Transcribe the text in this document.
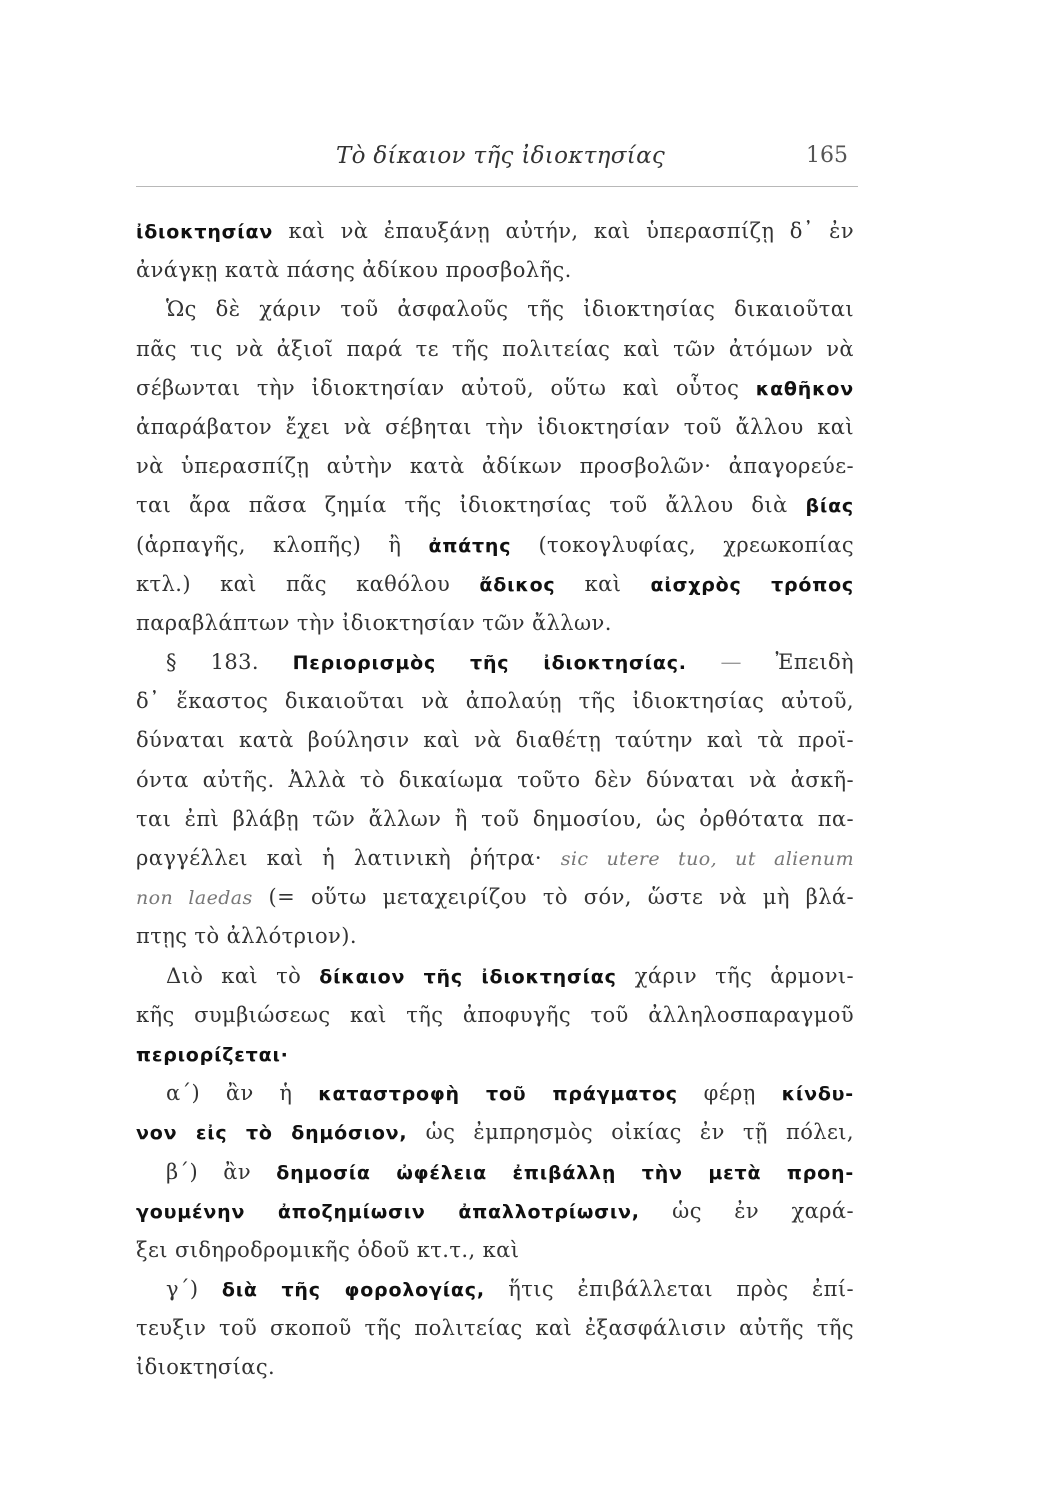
Τὸ δίκαιον τῆς ἰδιοκτησίας	165
ἰδιοκτησίαν καὶ νὰ ἐπαυξάνῃ αὐτήν, καὶ ὑπερασπίζῃ δ᾽ ἐν
ἀνάγκῃ κατὰ πάσης ἀδίκου προσβολῆς.
Ὡς δὲ χάριν τοῦ ἀσφαλοῦς τῆς ἰδιοκτησίας δικαιοῦται
πᾶς τις νὰ ἀξιοῖ παρά τε τῆς πολιτείας καὶ τῶν ἀτόμων νὰ
σέβωνται τὴν ἰδιοκτησίαν αὐτοῦ, οὕτω καὶ οὗτος καθῆκον
ἀπαράβατον ἔχει νὰ σέβηται τὴν ἰδιοκτησίαν τοῦ ἄλλου καὶ
νὰ ὑπερασπίζῃ αὐτὴν κατὰ ἀδίκων προσβολῶν· ἀπαγορεύε-
ται ἄρα πᾶσα ζημία τῆς ἰδιοκτησίας τοῦ ἄλλου διὰ βίας
(ἁρπαγῆς, κλοπῆς) ἢ ἀπάτης (τοκογλυφίας, χρεωκοπίας
κτλ.) καὶ πᾶς καθόλου ἄδικος καὶ αἰσχρὸς τρόπος
παραβλάπτων τὴν ἰδιοκτησίαν τῶν ἄλλων.
§ 183. Περιορισμὸς τῆς ἰδιοκτησίας. — Ἐπειδὴ
δ᾽ ἕκαστος δικαιοῦται νὰ ἀπολαύῃ τῆς ἰδιοκτησίας αὐτοῦ,
δύναται κατὰ βούλησιν καὶ νὰ διαθέτῃ ταύτην καὶ τὰ προϊ-
όντα αὐτῆς. Ἀλλὰ τὸ δικαίωμα τοῦτο δὲν δύναται νὰ ἀσκῆ-
ται ἐπὶ βλάβῃ τῶν ἄλλων ἢ τοῦ δημοσίου, ὡς ὀρθότατα πα-
ραγγέλλει καὶ ἡ λατινικὴ ῥήτρα· sic utere tuo, ut alienum
non laedas (= οὕτω μεταχειρίζου τὸ σόν, ὥστε νὰ μὴ βλά-
πτῃς τὸ ἀλλότριον).
Διὸ καὶ τὸ δίκαιον τῆς ἰδιοκτησίας χάριν τῆς ἁρμονι-
κῆς συμβιώσεως καὶ τῆς ἀποφυγῆς τοῦ ἀλληλοσπαραγμοῦ
περιορίζεται·
α΄) ἂν ἡ καταστροφὴ τοῦ πράγματος φέρῃ κίνδυ-
νον εἰς τὸ δημόσιον, ὡς ἐμπρησμὸς οἰκίας ἐν τῇ πόλει,
β΄) ἂν δημοσία ὠφέλεια ἐπιβάλλῃ τὴν μετὰ προη-
γουμένην ἀποζημίωσιν ἀπαλλοτρίωσιν, ὡς ἐν χαρά-
ξει σιδηροδρομικῆς ὁδοῦ κτ.τ., καὶ
γ΄) διὰ τῆς φορολογίας, ἥτις ἐπιβάλλεται πρὸς ἐπί-
τευξιν τοῦ σκοποῦ τῆς πολιτείας καὶ ἐξασφάλισιν αὐτῆς τῆς
ἰδιοκτησίας.
